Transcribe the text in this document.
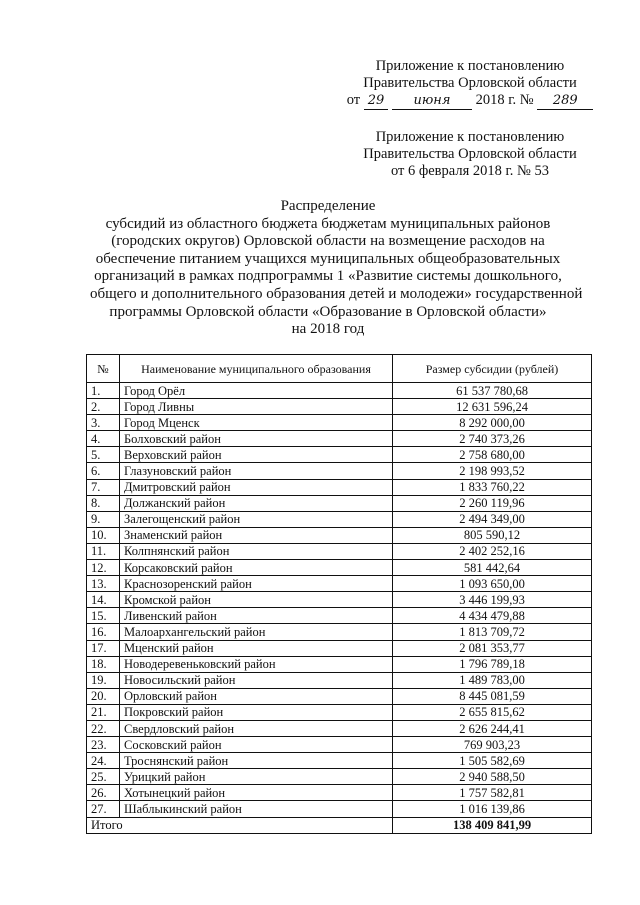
Приложение к постановлению
Правительства Орловской области
от 29 июня 2018 г. № 289
Приложение к постановлению
Правительства Орловской области
от 6 февраля 2018 г. № 53
Распределение
субсидий из областного бюджета бюджетам муниципальных районов
(городских округов) Орловской области на возмещение расходов на
обеспечение питанием учащихся муниципальных общеобразовательных
организаций в рамках подпрограммы 1 «Развитие системы дошкольного,
общего и дополнительного образования детей и молодежи» государственной
программы Орловской области «Образование в Орловской области»
на 2018 год
№	Наименование муниципального образования	Размер субсидии (рублей)
1.	Город Орёл	61 537 780,68
2.	Город Ливны	12 631 596,24
3.	Город Мценск	8 292 000,00
4.	Болховский район	2 740 373,26
5.	Верховский район	2 758 680,00
6.	Глазуновский район	2 198 993,52
7.	Дмитровский район	1 833 760,22
8.	Должанский район	2 260 119,96
9.	Залегощенский район	2 494 349,00
10.	Знаменский район	805 590,12
11.	Колпнянский район	2 402 252,16
12.	Корсаковский район	581 442,64
13.	Краснозоренский район	1 093 650,00
14.	Кромской район	3 446 199,93
15.	Ливенский район	4 434 479,88
16.	Малоархангельский район	1 813 709,72
17.	Мценский район	2 081 353,77
18.	Новодеревеньковский район	1 796 789,18
19.	Новосильский район	1 489 783,00
20.	Орловский район	8 445 081,59
21.	Покровский район	2 655 815,62
22.	Свердловский район	2 626 244,41
23.	Сосковский район	769 903,23
24.	Троснянский район	1 505 582,69
25.	Урицкий район	2 940 588,50
26.	Хотынецкий район	1 757 582,81
27.	Шаблыкинский район	1 016 139,86
Итого		138 409 841,99
